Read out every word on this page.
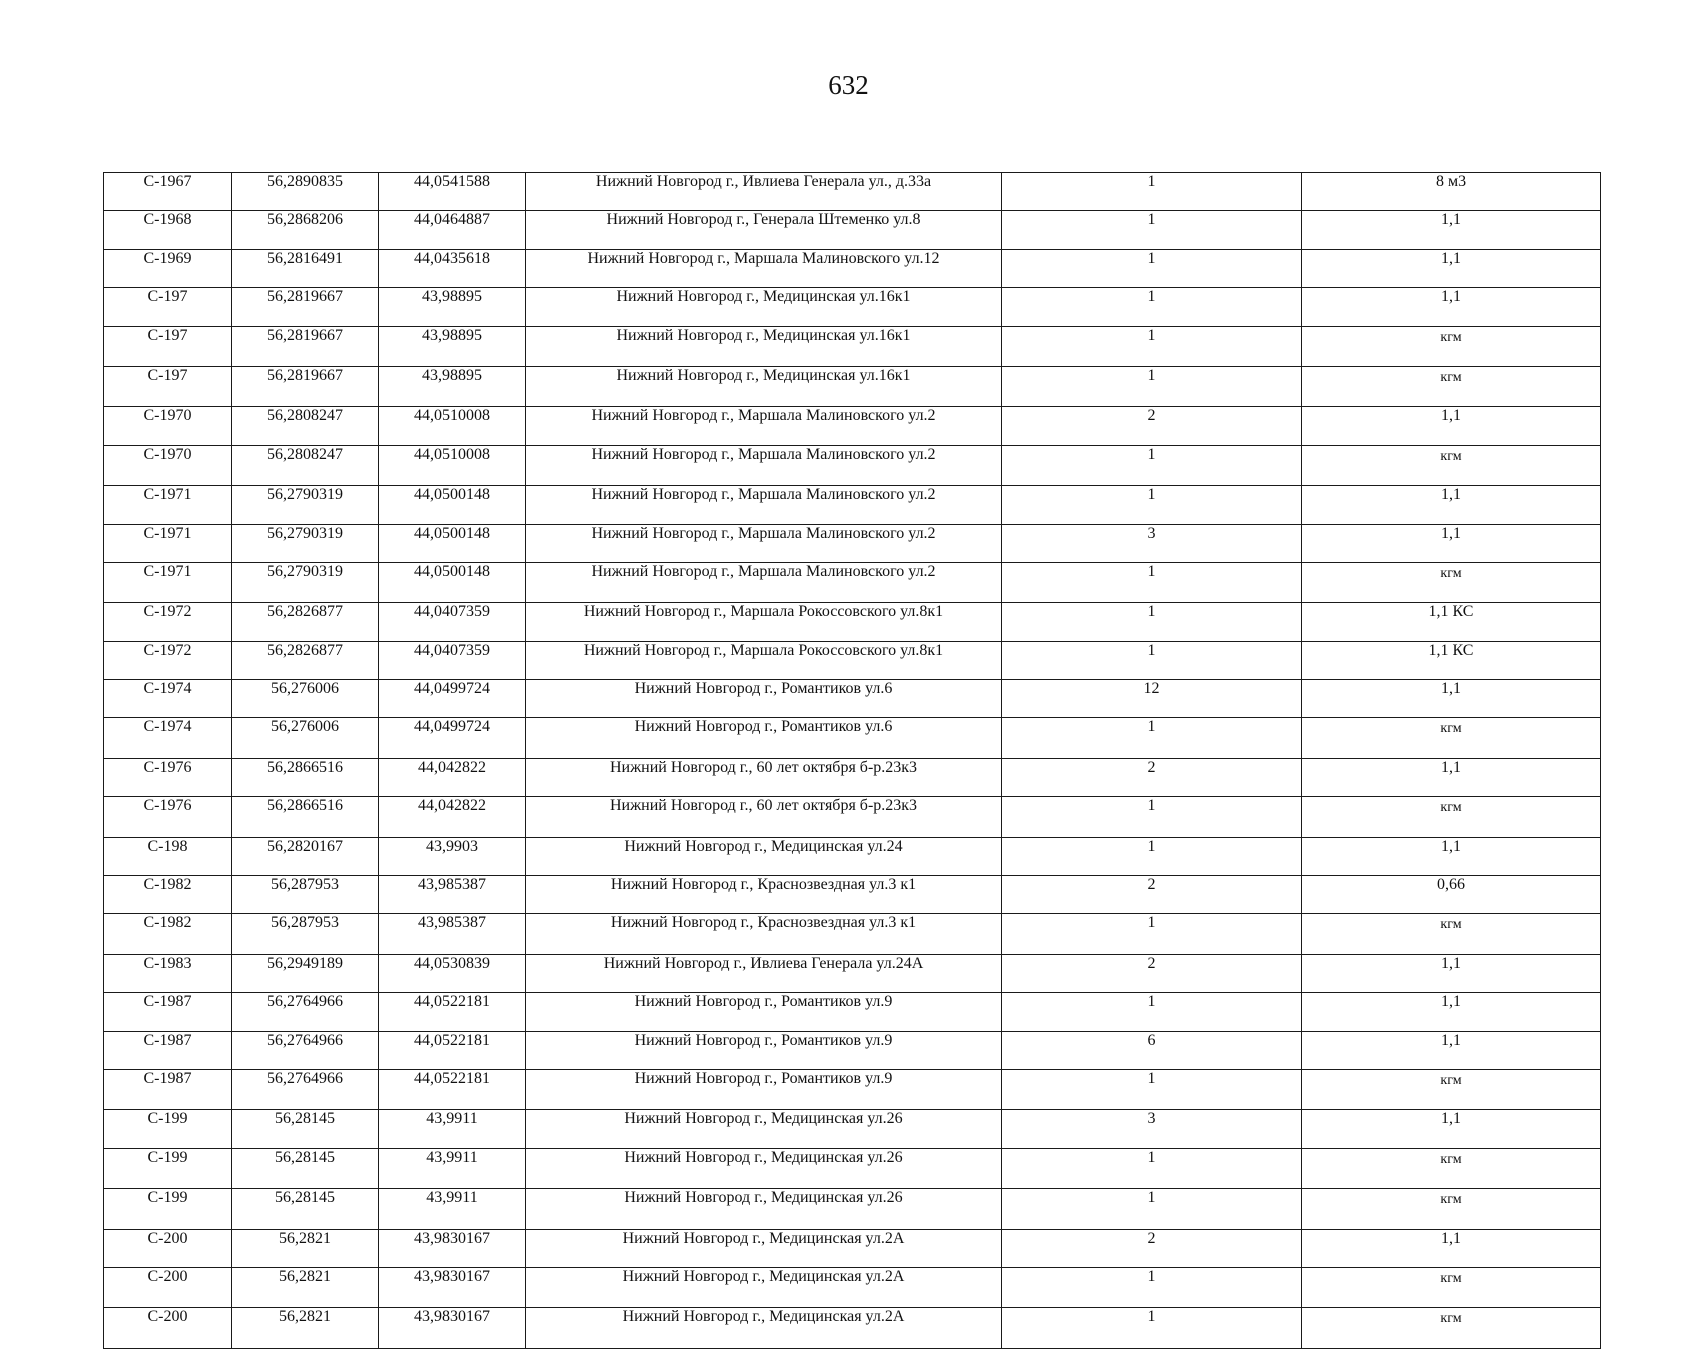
632
С-1967	56,2890835	44,0541588	Нижний Новгород г., Ивлиева Генерала ул., д.33а	1	8 м3
С-1968	56,2868206	44,0464887	Нижний Новгород г., Генерала Штеменко ул.8	1	1,1
С-1969	56,2816491	44,0435618	Нижний Новгород г., Маршала Малиновского ул.12	1	1,1
С-197	56,2819667	43,98895	Нижний Новгород г., Медицинская ул.16к1	1	1,1
С-197	56,2819667	43,98895	Нижний Новгород г., Медицинская ул.16к1	1	кгм
С-197	56,2819667	43,98895	Нижний Новгород г., Медицинская ул.16к1	1	кгм
С-1970	56,2808247	44,0510008	Нижний Новгород г., Маршала Малиновского ул.2	2	1,1
С-1970	56,2808247	44,0510008	Нижний Новгород г., Маршала Малиновского ул.2	1	кгм
С-1971	56,2790319	44,0500148	Нижний Новгород г., Маршала Малиновского ул.2	1	1,1
С-1971	56,2790319	44,0500148	Нижний Новгород г., Маршала Малиновского ул.2	3	1,1
С-1971	56,2790319	44,0500148	Нижний Новгород г., Маршала Малиновского ул.2	1	кгм
С-1972	56,2826877	44,0407359	Нижний Новгород г., Маршала Рокоссовского ул.8к1	1	1,1 КС
С-1972	56,2826877	44,0407359	Нижний Новгород г., Маршала Рокоссовского ул.8к1	1	1,1 КС
С-1974	56,276006	44,0499724	Нижний Новгород г., Романтиков ул.6	12	1,1
С-1974	56,276006	44,0499724	Нижний Новгород г., Романтиков ул.6	1	кгм
С-1976	56,2866516	44,042822	Нижний Новгород г., 60 лет октября б-р.23к3	2	1,1
С-1976	56,2866516	44,042822	Нижний Новгород г., 60 лет октября б-р.23к3	1	кгм
С-198	56,2820167	43,9903	Нижний Новгород г., Медицинская ул.24	1	1,1
С-1982	56,287953	43,985387	Нижний Новгород г., Краснозвездная ул.3 к1	2	0,66
С-1982	56,287953	43,985387	Нижний Новгород г., Краснозвездная ул.3 к1	1	кгм
С-1983	56,2949189	44,0530839	Нижний Новгород г., Ивлиева Генерала ул.24А	2	1,1
С-1987	56,2764966	44,0522181	Нижний Новгород г., Романтиков ул.9	1	1,1
С-1987	56,2764966	44,0522181	Нижний Новгород г., Романтиков ул.9	6	1,1
С-1987	56,2764966	44,0522181	Нижний Новгород г., Романтиков ул.9	1	кгм
С-199	56,28145	43,9911	Нижний Новгород г., Медицинская ул.26	3	1,1
С-199	56,28145	43,9911	Нижний Новгород г., Медицинская ул.26	1	кгм
С-199	56,28145	43,9911	Нижний Новгород г., Медицинская ул.26	1	кгм
С-200	56,2821	43,9830167	Нижний Новгород г., Медицинская ул.2А	2	1,1
С-200	56,2821	43,9830167	Нижний Новгород г., Медицинская ул.2А	1	кгм
С-200	56,2821	43,9830167	Нижний Новгород г., Медицинская ул.2А	1	кгм
